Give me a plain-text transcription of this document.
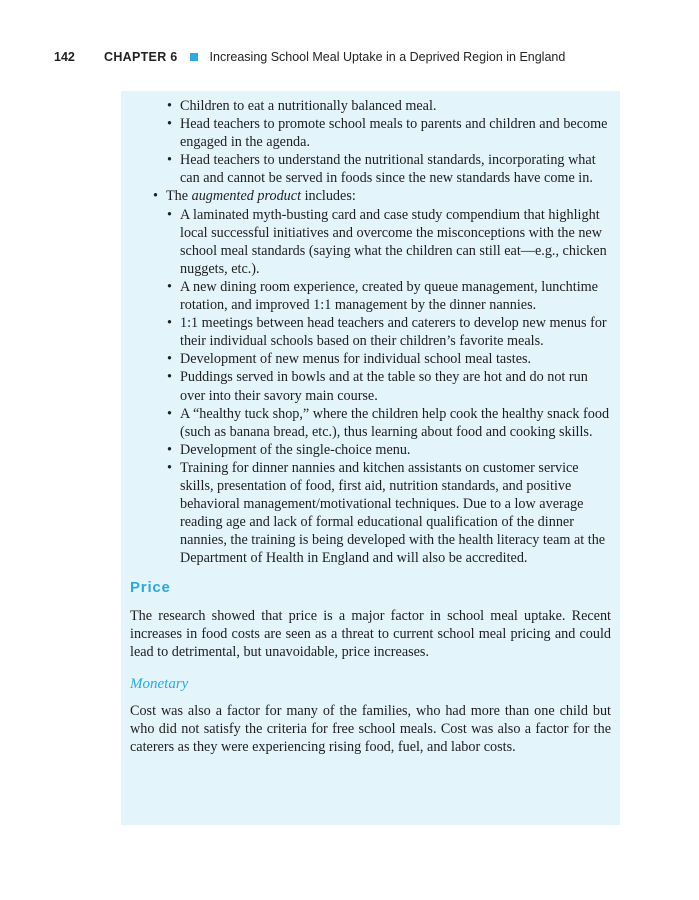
142	CHAPTER 6	Increasing School Meal Uptake in a Deprived Region in England
• Children to eat a nutritionally balanced meal.
• Head teachers to promote school meals to parents and children and become engaged in the agenda.
• Head teachers to understand the nutritional standards, incorporating what can and cannot be served in foods since the new standards have come in.
• The augmented product includes:
• A laminated myth-busting card and case study compendium that highlight local successful initiatives and overcome the misconceptions with the new school meal standards (saying what the children can still eat—e.g., chicken nuggets, etc.).
• A new dining room experience, created by queue management, lunchtime rotation, and improved 1:1 management by the dinner nannies.
• 1:1 meetings between head teachers and caterers to develop new menus for their individual schools based on their children’s favorite meals.
• Development of new menus for individual school meal tastes.
• Puddings served in bowls and at the table so they are hot and do not run over into their savory main course.
• A “healthy tuck shop,” where the children help cook the healthy snack food (such as banana bread, etc.), thus learning about food and cooking skills.
• Development of the single-choice menu.
• Training for dinner nannies and kitchen assistants on customer service skills, presentation of food, first aid, nutrition standards, and positive behavioral management/motivational techniques. Due to a low average reading age and lack of formal educational qualification of the dinner nannies, the training is being developed with the health literacy team at the Department of Health in England and will also be accredited.
Price

The research showed that price is a major factor in school meal uptake. Recent increases in food costs are seen as a threat to current school meal pricing and could lead to detrimental, but unavoidable, price increases.

Monetary

Cost was also a factor for many of the families, who had more than one child but who did not satisfy the criteria for free school meals. Cost was also a factor for the caterers as they were experiencing rising food, fuel, and labor costs.
